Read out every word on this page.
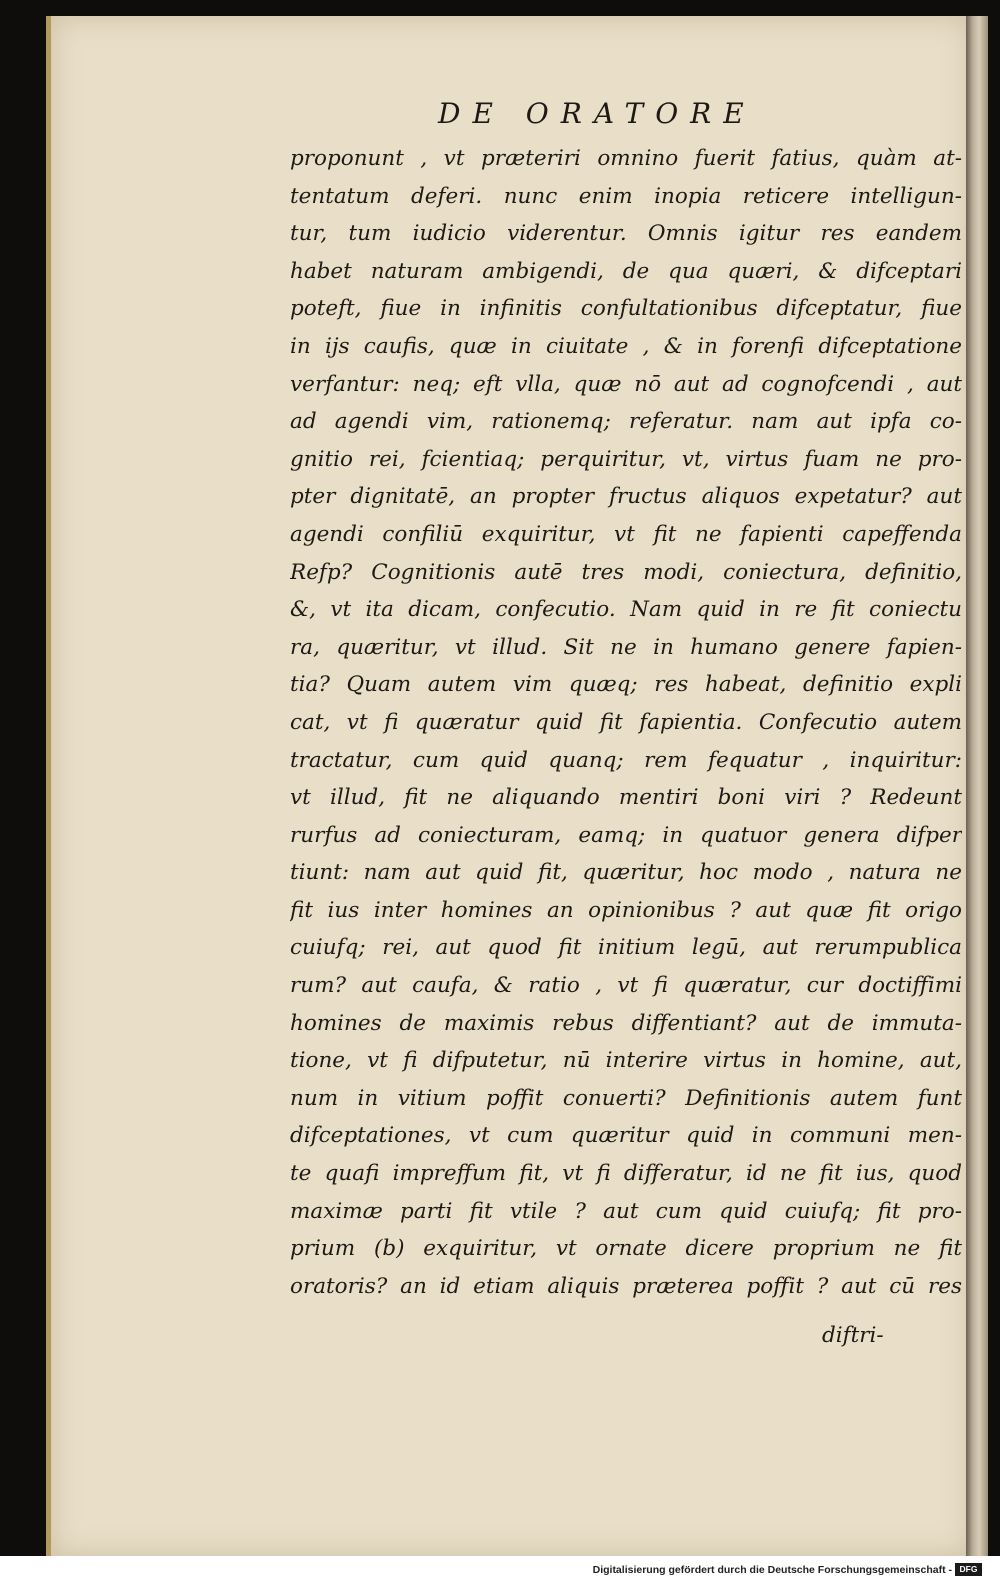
DE ORATORE
proponunt , vt præteriri omnino fuerit fatius, quàm at-
tentatum deferi. nunc enim inopia reticere intelligun-
tur, tum iudicio viderentur. Omnis igitur res eandem
habet naturam ambigendi, de qua quæri, & difceptari
poteft, fiue in infinitis confultationibus difceptatur, fiue
in ijs caufis, quæ in ciuitate , & in forenfi difceptatione
verfantur: neq; eft vlla, quæ nō aut ad cognofcendi , aut
ad agendi vim, rationemq; referatur. nam aut ipfa co-
gnitio rei, fcientiaq; perquiritur, vt, virtus fuam ne pro-
pter dignitatē, an propter fructus aliquos expetatur? aut
agendi confiliū exquiritur, vt fit ne fapienti capeffenda
Refp? Cognitionis autē tres modi, coniectura, definitio,
&, vt ita dicam, confecutio. Nam quid in re fit coniectu
ra, quæritur, vt illud. Sit ne in humano genere fapien-
tia? Quam autem vim quæq; res habeat, definitio expli
cat, vt fi quæratur quid fit fapientia. Confecutio autem
tractatur, cum quid quanq; rem fequatur , inquiritur:
vt illud, fit ne aliquando mentiri boni viri ? Redeunt
rurfus ad coniecturam, eamq; in quatuor genera difper
tiunt: nam aut quid fit, quæritur, hoc modo , natura ne
fit ius inter homines an opinionibus ? aut quæ fit origo
cuiufq; rei, aut quod fit initium legū, aut rerumpublica
rum? aut caufa, & ratio , vt fi quæratur, cur doctiffimi
homines de maximis rebus diffentiant? aut de immuta-
tione, vt fi difputetur, nū interire virtus in homine, aut,
num in vitium poffit conuerti? Definitionis autem funt
difceptationes, vt cum quæritur quid in communi men-
te quafi impreffum fit, vt fi differatur, id ne fit ius, quod
maximæ parti fit vtile ? aut cum quid cuiufq; fit pro-
prium (b) exquiritur, vt ornate dicere proprium ne fit
oratoris? an id etiam aliquis præterea poffit ? aut cū res
diftri-
Digitalisierung gefördert durch die Deutsche Forschungsgemeinschaft - DFG
